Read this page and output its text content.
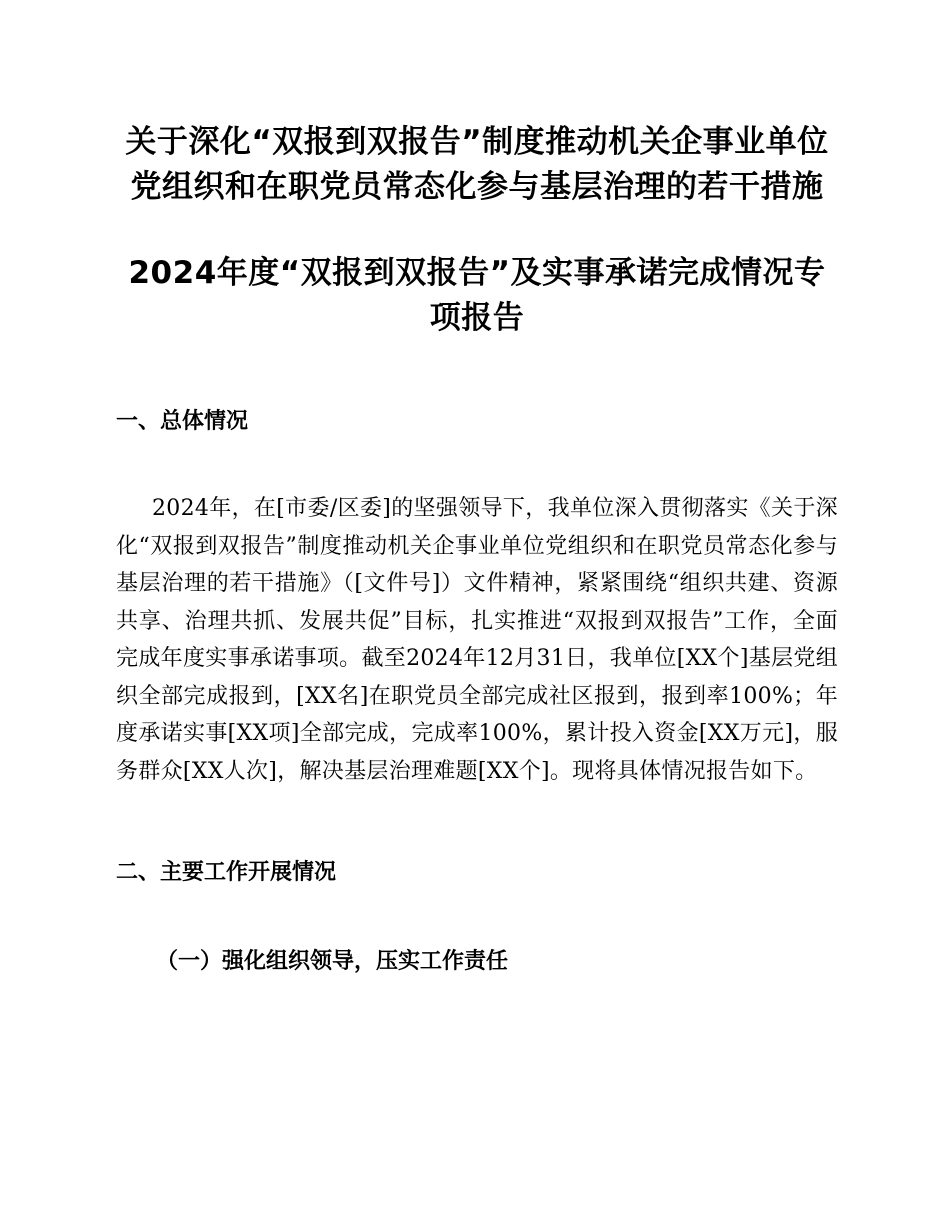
关于深化“双报到双报告”制度推动机关企事业单位党组织和在职党员常态化参与基层治理的若干措施
2024年度“双报到双报告”及实事承诺完成情况专项报告
一、总体情况

2024年，在[市委/区委]的坚强领导下，我单位深入贯彻落实《关于深化“双报到双报告”制度推动机关企事业单位党组织和在职党员常态化参与基层治理的若干措施》（[文件号]）文件精神，紧紧围绕“组织共建、资源共享、治理共抓、发展共促”目标，扎实推进“双报到双报告”工作，全面完成年度实事承诺事项。截至2024年12月31日，我单位[XX个]基层党组织全部完成报到，[XX名]在职党员全部完成社区报到，报到率100%；年度承诺实事[XX项]全部完成，完成率100%，累计投入资金[XX万元]，服务群众[XX人次]，解决基层治理难题[XX个]。现将具体情况报告如下。

二、主要工作开展情况
（一）强化组织领导，压实工作责任
